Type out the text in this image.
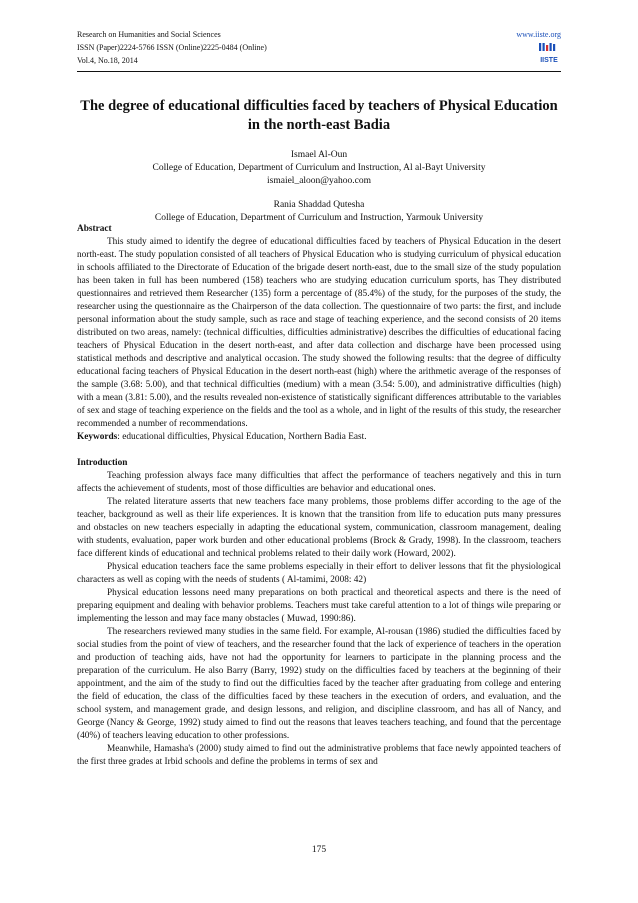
Research on Humanities and Social Sciences
ISSN (Paper)2224-5766 ISSN (Online)2225-0484 (Online)
Vol.4, No.18, 2014
www.iiste.org
IISTE
The degree of educational difficulties faced by teachers of Physical Education in the north-east Badia
Ismael Al-Oun
College of Education, Department of Curriculum and Instruction, Al al-Bayt University
ismaiel_aloon@yahoo.com
Rania Shaddad Qutesha
College of Education, Department of Curriculum and Instruction, Yarmouk University

Abstract

This study aimed to identify the degree of educational difficulties faced by teachers of Physical Education in the desert north-east. The study population consisted of all teachers of Physical Education who is studying curriculum of physical education in schools affiliated to the Directorate of Education of the brigade desert north-east, due to the small size of the study population has been taken in full has been numbered (158) teachers who are studying education curriculum sports, has They distributed questionnaires and retrieved them Researcher (135) form a percentage of (85.4%) of the study, for the purposes of the study, the researcher using the questionnaire as the Chairperson of the data collection. The questionnaire of two parts: the first, and include personal information about the study sample, such as race and stage of teaching experience, and the second consists of 20 items distributed on two areas, namely: (technical difficulties, difficulties administrative) describes the difficulties of educational facing teachers of Physical Education in the desert north-east, and after data collection and discharge have been processed using statistical methods and descriptive and analytical occasion. The study showed the following results: that the degree of difficulty educational facing teachers of Physical Education in the desert north-east (high) where the arithmetic average of the responses of the sample (3.68: 5.00), and that technical difficulties (medium) with a mean (3.54: 5.00), and administrative difficulties (high) with a mean (3.81: 5.00), and the results revealed non-existence of statistically significant differences attributable to the variables of sex and stage of teaching experience on the fields and the tool as a whole, and in light of the results of this study, the researcher recommended a number of recommendations.

Keywords: educational difficulties, Physical Education, Northern Badia East.

Introduction

Teaching profession always face many difficulties that affect the performance of teachers negatively and this in turn affects the achievement of students, most of those difficulties are behavior and educational ones.

The related literature asserts that new teachers face many problems, those problems differ according to the age of the teacher, background as well as their life experiences. It is known that the transition from life to education puts many pressures and obstacles on new teachers especially in adapting the educational system, communication, classroom management, dealing with students, evaluation, paper work burden and other educational problems (Brock & Grady, 1998). In the classroom, teachers face different kinds of educational and technical problems related to their daily work (Howard, 2002).

Physical education teachers face the same problems especially in their effort to deliver lessons that fit the physiological characters as well as coping with the needs of students ( Al-tamimi, 2008: 42)

Physical education lessons need many preparations on both practical and theoretical aspects and there is the need of preparing equipment and dealing with behavior problems. Teachers must take careful attention to a lot of things wile preparing or implementing the lesson and may face many obstacles ( Muwad, 1990:86).

The researchers reviewed many studies in the same field. For example, Al-rousan (1986) studied the difficulties faced by social studies from the point of view of teachers, and the researcher found that the lack of experience of teachers in the operation and production of teaching aids, have not had the opportunity for learners to participate in the planning process and the preparation of the curriculum. He also Barry (Barry, 1992) study on the difficulties faced by teachers at the beginning of their appointment, and the aim of the study to find out the difficulties faced by the teacher after graduating from college and entering the field of education, the class of the difficulties faced by these teachers in the execution of orders, and evaluation, and the school system, and management grade, and design lessons, and religion, and discipline classroom, and has all of Nancy, and George (Nancy & George, 1992) study aimed to find out the reasons that leaves teachers teaching, and found that the percentage (40%) of teachers leaving education to other professions.

Meanwhile, Hamasha's (2000) study aimed to find out the administrative problems that face newly appointed teachers of the first three grades at Irbid schools and define the problems in terms of sex and

175
